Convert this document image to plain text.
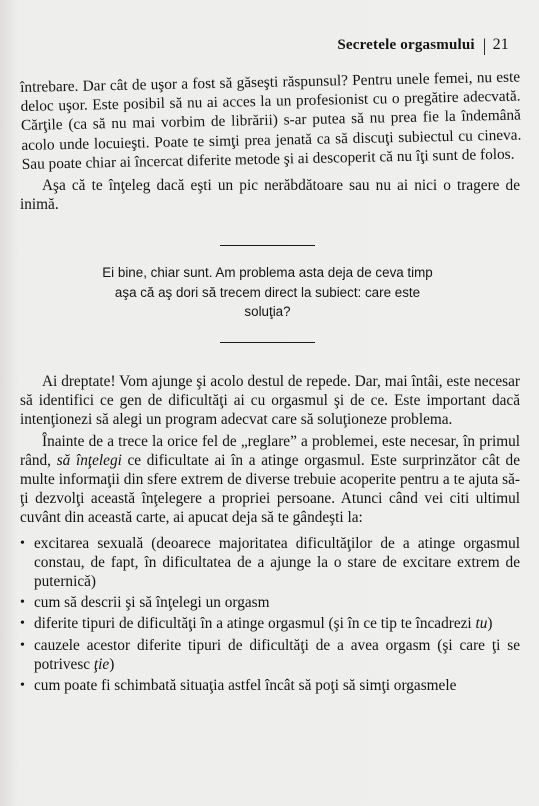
Secretele orgasmului | 21

întrebare. Dar cât de uşor a fost să găseşti răspunsul? Pentru unele femei, nu este deloc uşor. Este posibil să nu ai acces la un profesionist cu o pregătire adecvată. Cărţile (ca să nu mai vorbim de librării) s-ar putea să nu prea fie la îndemână acolo unde locuieşti. Poate te simţi prea jenată ca să discuţi subiectul cu cineva. Sau poate chiar ai încercat diferite metode şi ai descoperit că nu îţi sunt de folos.

Aşa că te înţeleg dacă eşti un pic nerăbdătoare sau nu ai nici o tragere de inimă.

Ei bine, chiar sunt. Am problema asta deja de ceva timp aşa că aş dori să trecem direct la subiect: care este soluţia?

Ai dreptate! Vom ajunge şi acolo destul de repede. Dar, mai întâi, este necesar să identifici ce gen de dificultăţi ai cu orgasmul şi de ce. Este important dacă intenţionezi să alegi un program adecvat care să soluţioneze problema.

Înainte de a trece la orice fel de „reglare” a problemei, este necesar, în primul rând, să înţelegi ce dificultate ai în a atinge orgasmul. Este surprinzător cât de multe informaţii din sfere extrem de diverse trebuie acoperite pentru a te ajuta să-ţi dezvolţi această înţelegere a propriei persoane. Atunci când vei citi ultimul cuvânt din această carte, ai apucat deja să te gândeşti la:

• excitarea sexuală (deoarece majoritatea dificultăţilor de a atinge orgasmul constau, de fapt, în dificultatea de a ajunge la o stare de excitare extrem de puternică)
• cum să descrii şi să înţelegi un orgasm
• diferite tipuri de dificultăţi în a atinge orgasmul (şi în ce tip te încadrezi tu)
• cauzele acestor diferite tipuri de dificultăţi de a avea orgasm (şi care ţi se potrivesc ţie)
• cum poate fi schimbată situaţia astfel încât să poţi să simţi orgasmele
